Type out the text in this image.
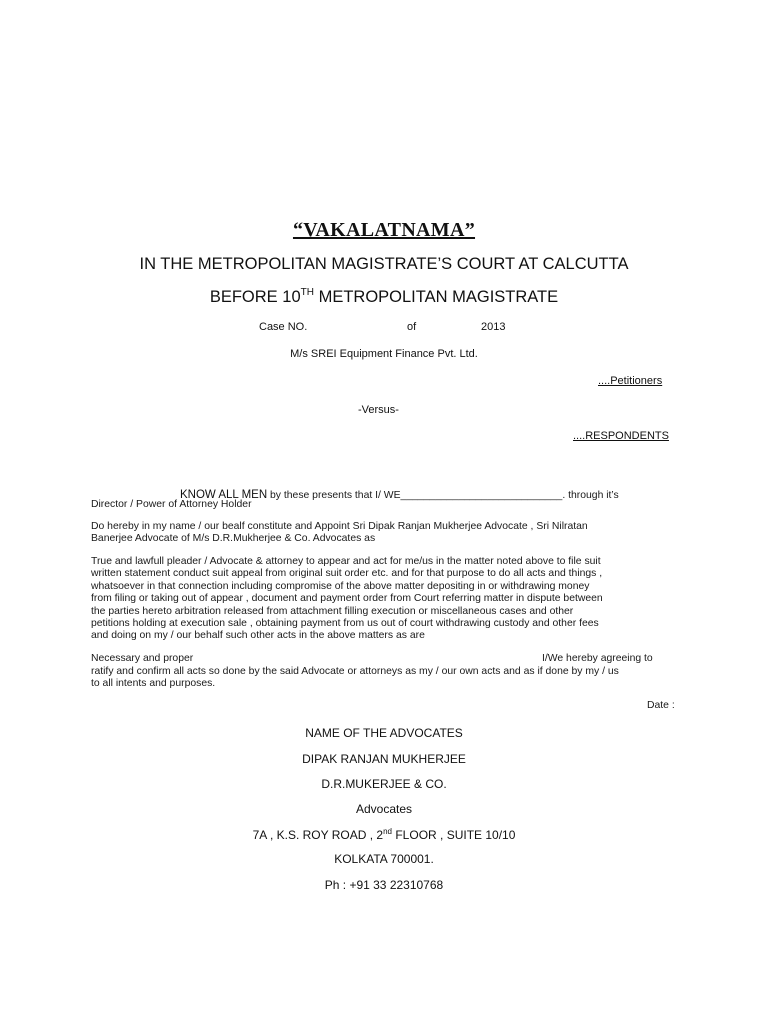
“VAKALATNAMA”
IN THE METROPOLITAN MAGISTRATE’S COURT AT CALCUTTA
BEFORE 10TH METROPOLITAN MAGISTRATE
Case NO.	of	2013
M/s SREI Equipment Finance Pvt. Ltd.
....Petitioners
-Versus-
....RESPONDENTS
KNOW ALL MEN by these presents that I/ WE____________________________. through it’s
Director / Power of Attorney Holder
Do hereby in my name / our bealf constitute and Appoint Sri Dipak Ranjan Mukherjee Advocate , Sri Nilratan
Banerjee Advocate of M/s D.R.Mukherjee & Co. Advocates as
True and lawfull pleader / Advocate & attorney to appear and act for me/us in the matter noted above to file suit
written statement conduct suit appeal from original suit order etc. and for that purpose to do all acts and things ,
whatsoever in that connection including compromise of the above matter depositing in or withdrawing money
from filing or taking out of appear , document and payment order from Court referring matter in dispute between
the parties hereto arbitration released from attachment filling execution or miscellaneous cases and other
petitions holding at execution sale , obtaining payment from us out of court withdrawing custody and other fees
and doing on my / our behalf such other acts in the above matters as are
Necessary and proper	I/We hereby agreeing to
ratify and confirm all acts so done by the said Advocate or attorneys as my / our own acts and as if done by my / us
to all intents and purposes.
Date :
NAME OF THE ADVOCATES
DIPAK RANJAN MUKHERJEE
D.R.MUKERJEE & CO.
Advocates
7A , K.S. ROY ROAD , 2nd FLOOR , SUITE 10/10
KOLKATA 700001.
Ph : +91 33 22310768
